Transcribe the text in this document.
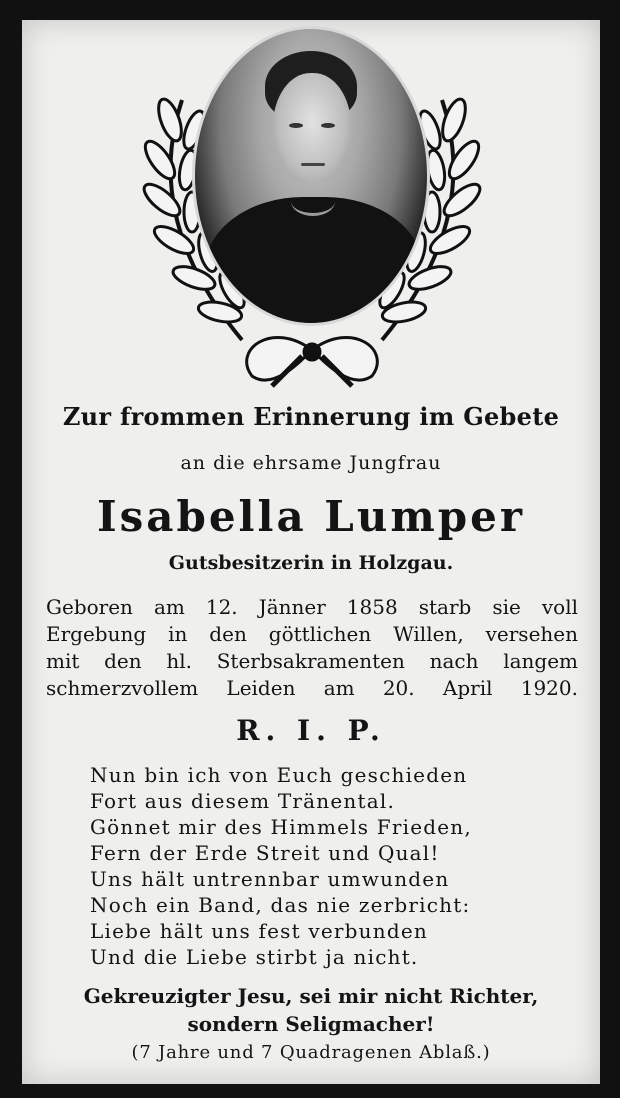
Zur frommen Erinnerung im Gebete
an die ehrsame Jungfrau
Isabella Lumper
Gutsbesitzerin in Holzgau.
Geboren am 12. Jänner 1858 starb sie voll
Ergebung in den göttlichen Willen, versehen
mit den hl. Sterbsakramenten nach langem
schmerzvollem Leiden am 20. April 1920.
R. I. P.
Nun bin ich von Euch geschieden
Fort aus diesem Tränental.
Gönnet mir des Himmels Frieden,
Fern der Erde Streit und Qual!
Uns hält untrennbar umwunden
Noch ein Band, das nie zerbricht:
Liebe hält uns fest verbunden
Und die Liebe stirbt ja nicht.
Gekreuzigter Jesu, sei mir nicht Richter,
sondern Seligmacher!
(7 Jahre und 7 Quadragenen Ablaß.)
